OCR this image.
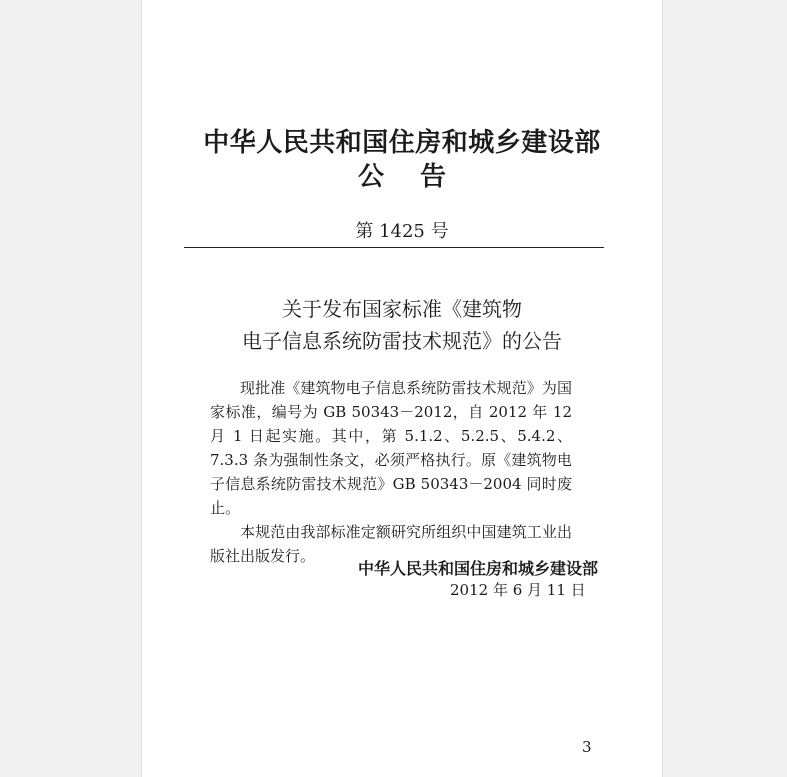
中华人民共和国住房和城乡建设部
公告
第 1425 号
关于发布国家标准《建筑物
电子信息系统防雷技术规范》的公告

现批准《建筑物电子信息系统防雷技术规范》为国家标准，编号为 GB 50343－2012，自 2012 年 12 月 1 日起实施。其中，第 5.1.2、5.2.5、5.4.2、7.3.3 条为强制性条文，必须严格执行。原《建筑物电子信息系统防雷技术规范》GB 50343－2004 同时废止。

本规范由我部标准定额研究所组织中国建筑工业出版社出版发行。

中华人民共和国住房和城乡建设部
2012 年 6 月 11 日
3
